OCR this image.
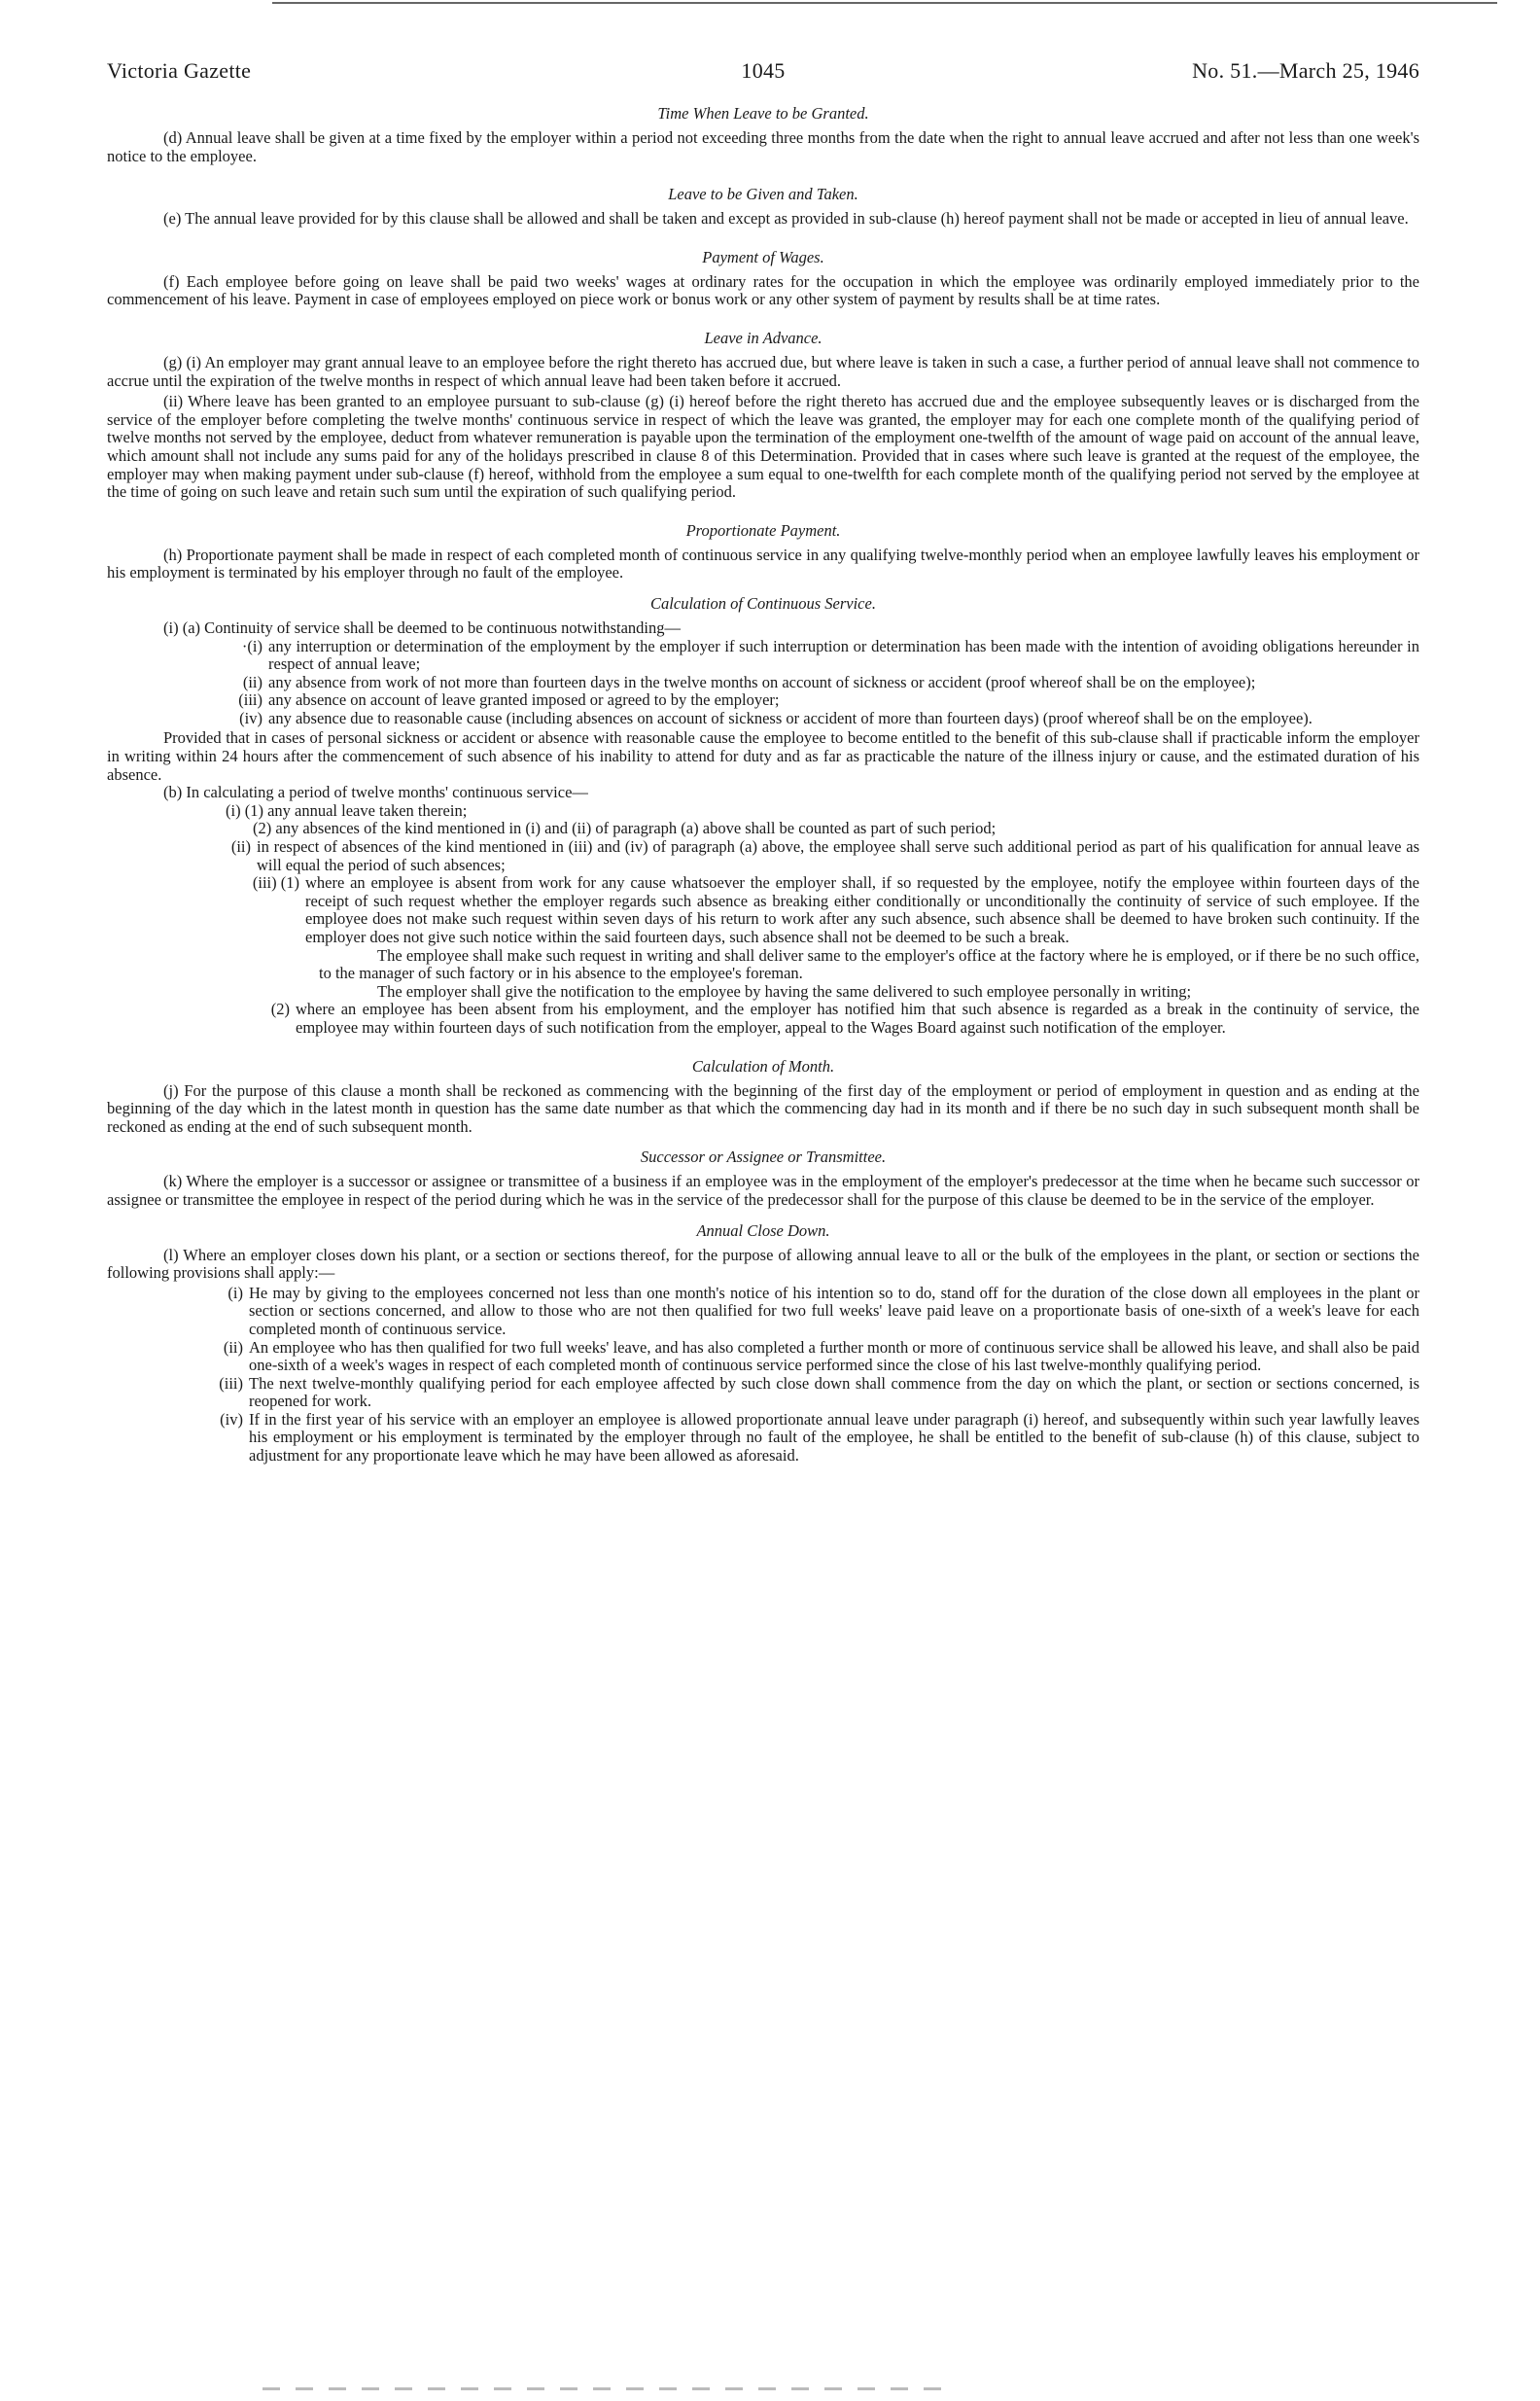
Victoria Gazette	1045	No. 51.—March 25, 1946
Time When Leave to be Granted.

(d) Annual leave shall be given at a time fixed by the employer within a period not exceeding three months from the date when the right to annual leave accrued and after not less than one week's notice to the employee.

Leave to be Given and Taken.

(e) The annual leave provided for by this clause shall be allowed and shall be taken and except as provided in sub-clause (h) hereof payment shall not be made or accepted in lieu of annual leave.

Payment of Wages.

(f) Each employee before going on leave shall be paid two weeks' wages at ordinary rates for the occupation in which the employee was ordinarily employed immediately prior to the commencement of his leave. Payment in case of employees employed on piece work or bonus work or any other system of payment by results shall be at time rates.

Leave in Advance.

(g) (i) An employer may grant annual leave to an employee before the right thereto has accrued due, but where leave is taken in such a case, a further period of annual leave shall not commence to accrue until the expiration of the twelve months in respect of which annual leave had been taken before it accrued.

(ii) Where leave has been granted to an employee pursuant to sub-clause (g) (i) hereof before the right thereto has accrued due and the employee subsequently leaves or is discharged from the service of the employer before completing the twelve months' continuous service in respect of which the leave was granted, the employer may for each one complete month of the qualifying period of twelve months not served by the employee, deduct from whatever remuneration is payable upon the termination of the employment one-twelfth of the amount of wage paid on account of the annual leave, which amount shall not include any sums paid for any of the holidays prescribed in clause 8 of this Determination. Provided that in cases where such leave is granted at the request of the employee, the employer may when making payment under sub-clause (f) hereof, withhold from the employee a sum equal to one-twelfth for each complete month of the qualifying period not served by the employee at the time of going on such leave and retain such sum until the expiration of such qualifying period.

Proportionate Payment.

(h) Proportionate payment shall be made in respect of each completed month of continuous service in any qualifying twelve-monthly period when an employee lawfully leaves his employment or his employment is terminated by his employer through no fault of the employee.

Calculation of Continuous Service.
(i) (a) Continuity of service shall be deemed to be continuous notwithstanding—
·(i) any interruption or determination of the employment by the employer if such interruption or determination has been made with the intention of avoiding obligations hereunder in respect of annual leave;
(ii) any absence from work of not more than fourteen days in the twelve months on account of sickness or accident (proof whereof shall be on the employee);
(iii) any absence on account of leave granted imposed or agreed to by the employer;
(iv) any absence due to reasonable cause (including absences on account of sickness or accident of more than fourteen days) (proof whereof shall be on the employee).

Provided that in cases of personal sickness or accident or absence with reasonable cause the employee to become entitled to the benefit of this sub-clause shall if practicable inform the employer in writing within 24 hours after the commencement of such absence of his inability to attend for duty and as far as practicable the nature of the illness injury or cause, and the estimated duration of his absence.

(b) In calculating a period of twelve months' continuous service—
(i) (1) any annual leave taken therein;
(2) any absences of the kind mentioned in (i) and (ii) of paragraph (a) above shall be counted as part of such period;
(ii) in respect of absences of the kind mentioned in (iii) and (iv) of paragraph (a) above, the employee shall serve such additional period as part of his qualification for annual leave as will equal the period of such absences;
(iii) (1) where an employee is absent from work for any cause whatsoever the employer shall, if so requested by the employee, notify the employee within fourteen days of the receipt of such request whether the employer regards such absence as breaking either conditionally or unconditionally the continuity of service of such employee. If the employee does not make such request within seven days of his return to work after any such absence, such absence shall be deemed to have broken such continuity. If the employer does not give such notice within the said fourteen days, such absence shall not be deemed to be such a break.
The employee shall make such request in writing and shall deliver same to the employer's office at the factory where he is employed, or if there be no such office, to the manager of such factory or in his absence to the employee's foreman.
The employer shall give the notification to the employee by having the same delivered to such employee personally in writing;
(2) where an employee has been absent from his employment, and the employer has notified him that such absence is regarded as a break in the continuity of service, the employee may within fourteen days of such notification from the employer, appeal to the Wages Board against such notification of the employer.
Calculation of Month.

(j) For the purpose of this clause a month shall be reckoned as commencing with the beginning of the first day of the employment or period of employment in question and as ending at the beginning of the day which in the latest month in question has the same date number as that which the commencing day had in its month and if there be no such day in such subsequent month shall be reckoned as ending at the end of such subsequent month.

Successor or Assignee or Transmittee.

(k) Where the employer is a successor or assignee or transmittee of a business if an employee was in the employment of the employer's predecessor at the time when he became such successor or assignee or transmittee the employee in respect of the period during which he was in the service of the predecessor shall for the purpose of this clause be deemed to be in the service of the employer.

Annual Close Down.

(l) Where an employer closes down his plant, or a section or sections thereof, for the purpose of allowing annual leave to all or the bulk of the employees in the plant, or section or sections the following provisions shall apply:—

(i) He may by giving to the employees concerned not less than one month's notice of his intention so to do, stand off for the duration of the close down all employees in the plant or section or sections concerned, and allow to those who are not then qualified for two full weeks' leave paid leave on a proportionate basis of one-sixth of a week's leave for each completed month of continuous service.
(ii) An employee who has then qualified for two full weeks' leave, and has also completed a further month or more of continuous service shall be allowed his leave, and shall also be paid one-sixth of a week's wages in respect of each completed month of continuous service performed since the close of his last twelve-monthly qualifying period.
(iii) The next twelve-monthly qualifying period for each employee affected by such close down shall commence from the day on which the plant, or section or sections concerned, is reopened for work.
(iv) If in the first year of his service with an employer an employee is allowed proportionate annual leave under paragraph (i) hereof, and subsequently within such year lawfully leaves his employment or his employment is terminated by the employer through no fault of the employee, he shall be entitled to the benefit of sub-clause (h) of this clause, subject to adjustment for any proportionate leave which he may have been allowed as aforesaid.
